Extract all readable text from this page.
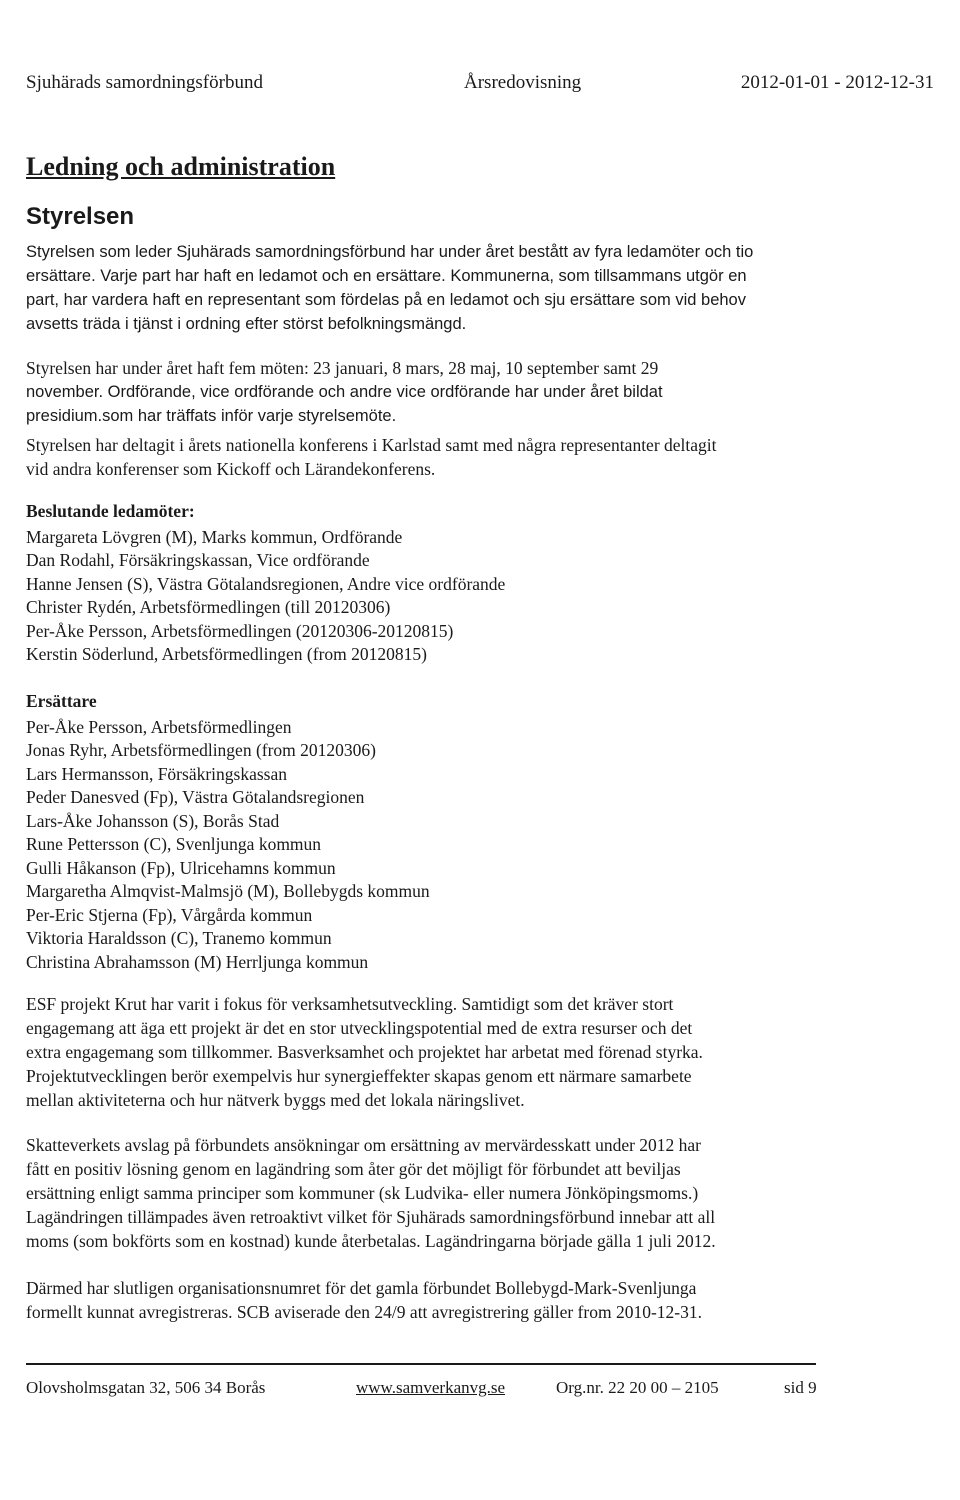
Sjuhärads samordningsförbund	Årsredovisning	2012-01-01 - 2012-12-31
Ledning och administration
Styrelsen
Styrelsen som leder Sjuhärads samordningsförbund har under året bestått av fyra ledamöter och tio
ersättare. Varje part har haft en ledamot och en ersättare. Kommunerna, som tillsammans utgör en
part, har vardera haft en representant som fördelas på en ledamot och sju ersättare som vid behov
avsetts träda i tjänst i ordning efter störst befolkningsmängd.
Styrelsen har under året haft fem möten: 23 januari, 8 mars, 28 maj, 10 september samt 29
november. Ordförande, vice ordförande och andre vice ordförande har under året bildat
presidium.som har träffats inför varje styrelsemöte.
Styrelsen har deltagit i årets nationella konferens i Karlstad samt med några representanter deltagit
vid andra konferenser som Kickoff och Lärandekonferens.
Beslutande ledamöter:
Margareta Lövgren (M), Marks kommun, Ordförande
Dan Rodahl, Försäkringskassan, Vice ordförande
Hanne Jensen (S), Västra Götalandsregionen, Andre vice ordförande
Christer Rydén, Arbetsförmedlingen (till 20120306)
Per-Åke Persson, Arbetsförmedlingen (20120306-20120815)
Kerstin Söderlund, Arbetsförmedlingen (from 20120815)
Ersättare
Per-Åke Persson, Arbetsförmedlingen
Jonas Ryhr, Arbetsförmedlingen (from 20120306)
Lars Hermansson, Försäkringskassan
Peder Danesved (Fp), Västra Götalandsregionen
Lars-Åke Johansson (S), Borås Stad
Rune Pettersson (C), Svenljunga kommun
Gulli Håkanson (Fp), Ulricehamns kommun
Margaretha Almqvist-Malmsjö (M), Bollebygds kommun
Per-Eric Stjerna (Fp), Vårgårda kommun
Viktoria Haraldsson (C), Tranemo kommun
Christina Abrahamsson (M) Herrljunga kommun
ESF projekt Krut har varit i fokus för verksamhetsutveckling. Samtidigt som det kräver stort
engagemang att äga ett projekt är det en stor utvecklingspotential med de extra resurser och det
extra engagemang som tillkommer. Basverksamhet och projektet har arbetat med förenad styrka.
Projektutvecklingen berör exempelvis hur synergieffekter skapas genom ett närmare samarbete
mellan aktiviteterna och hur nätverk byggs med det lokala näringslivet.
Skatteverkets avslag på förbundets ansökningar om ersättning av mervärdesskatt under 2012 har
fått en positiv lösning genom en lagändring som åter gör det möjligt för förbundet att beviljas
ersättning enligt samma principer som kommuner (sk Ludvika- eller numera Jönköpingsmoms.)
Lagändringen tillämpades även retroaktivt vilket för Sjuhärads samordningsförbund innebar att all
moms (som bokförts som en kostnad) kunde återbetalas. Lagändringarna började gälla 1 juli 2012.
Därmed har slutligen organisationsnumret för det gamla förbundet Bollebygd-Mark-Svenljunga
formellt kunnat avregistreras. SCB aviserade den 24/9 att avregistrering gäller from 2010-12-31.
Olovsholmsgatan 32, 506 34 Borås	www.samverkanvg.se	Org.nr. 22 20 00 – 2105	sid 9
